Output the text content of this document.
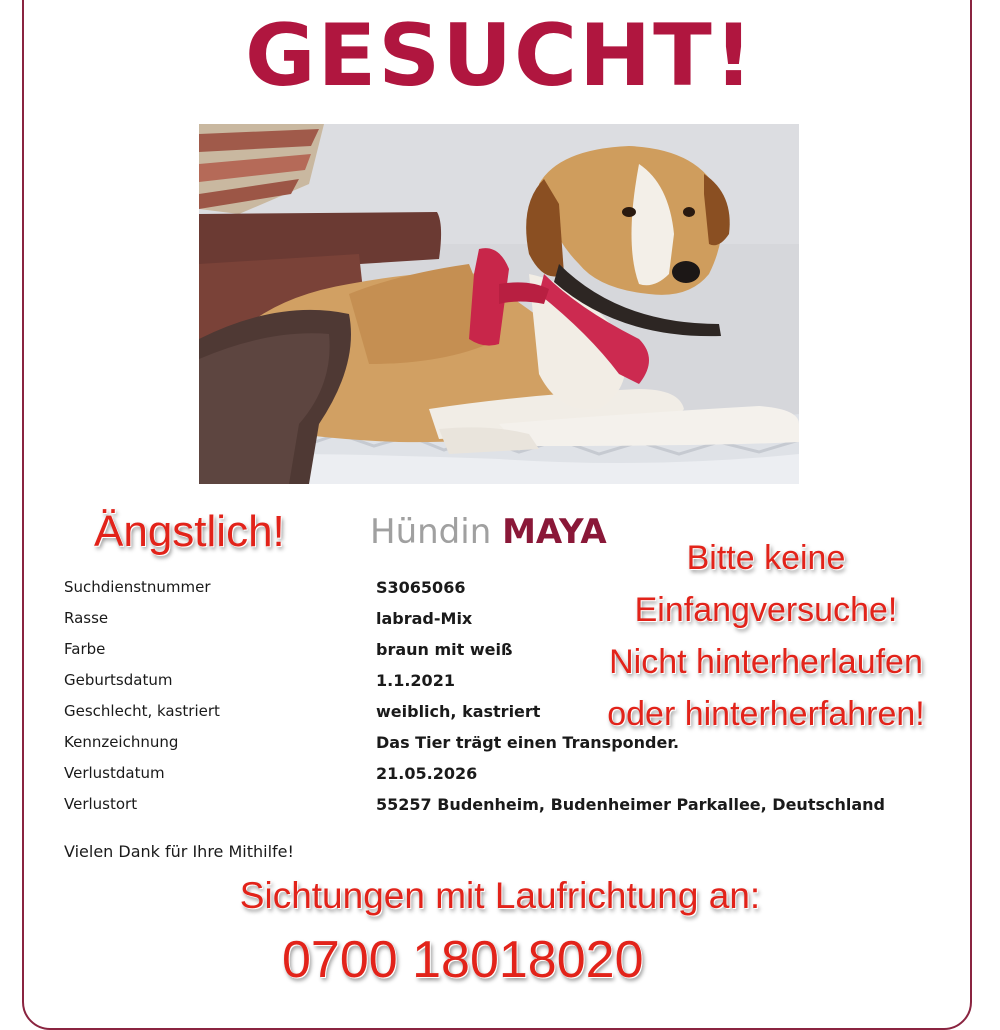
GESUCHT!
Ängstlich!	Hündin MAYA
Bitte keine
Einfangversuche!
Nicht hinterherlaufen
oder hinterherfahren!
Suchdienstnummer	S3065066
Rasse	labrad-Mix
Farbe	braun mit weiß
Geburtsdatum	1.1.2021
Geschlecht, kastriert	weiblich, kastriert
Kennzeichnung	Das Tier trägt einen Transponder.
Verlustdatum	21.05.2026
Verlustort	55257 Budenheim, Budenheimer Parkallee, Deutschland
Vielen Dank für Ihre Mithilfe!
Sichtungen mit Laufrichtung an:
0700 18018020
